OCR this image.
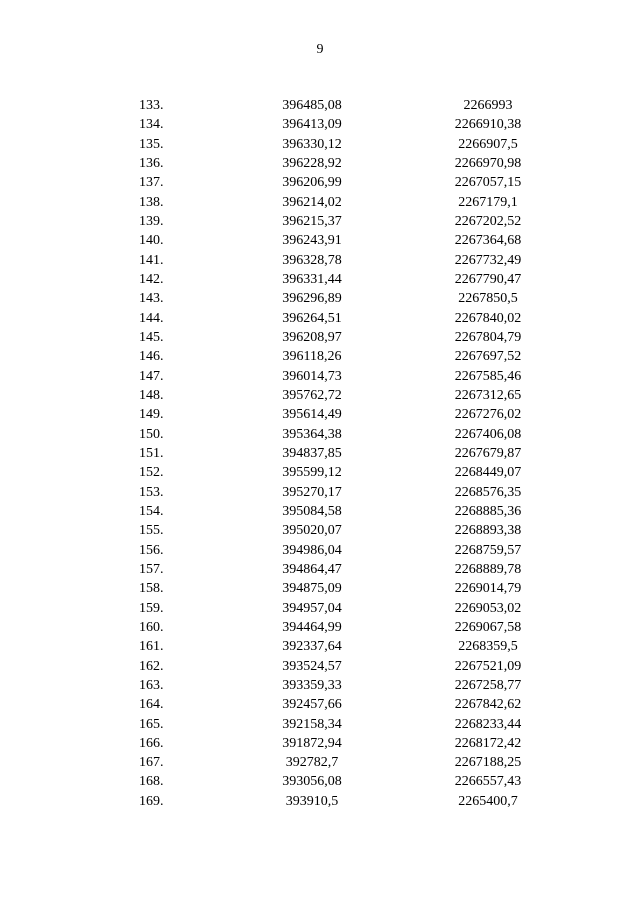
9
133.	396485,08	2266993
134.	396413,09	2266910,38
135.	396330,12	2266907,5
136.	396228,92	2266970,98
137.	396206,99	2267057,15
138.	396214,02	2267179,1
139.	396215,37	2267202,52
140.	396243,91	2267364,68
141.	396328,78	2267732,49
142.	396331,44	2267790,47
143.	396296,89	2267850,5
144.	396264,51	2267840,02
145.	396208,97	2267804,79
146.	396118,26	2267697,52
147.	396014,73	2267585,46
148.	395762,72	2267312,65
149.	395614,49	2267276,02
150.	395364,38	2267406,08
151.	394837,85	2267679,87
152.	395599,12	2268449,07
153.	395270,17	2268576,35
154.	395084,58	2268885,36
155.	395020,07	2268893,38
156.	394986,04	2268759,57
157.	394864,47	2268889,78
158.	394875,09	2269014,79
159.	394957,04	2269053,02
160.	394464,99	2269067,58
161.	392337,64	2268359,5
162.	393524,57	2267521,09
163.	393359,33	2267258,77
164.	392457,66	2267842,62
165.	392158,34	2268233,44
166.	391872,94	2268172,42
167.	392782,7	2267188,25
168.	393056,08	2266557,43
169.	393910,5	2265400,7
